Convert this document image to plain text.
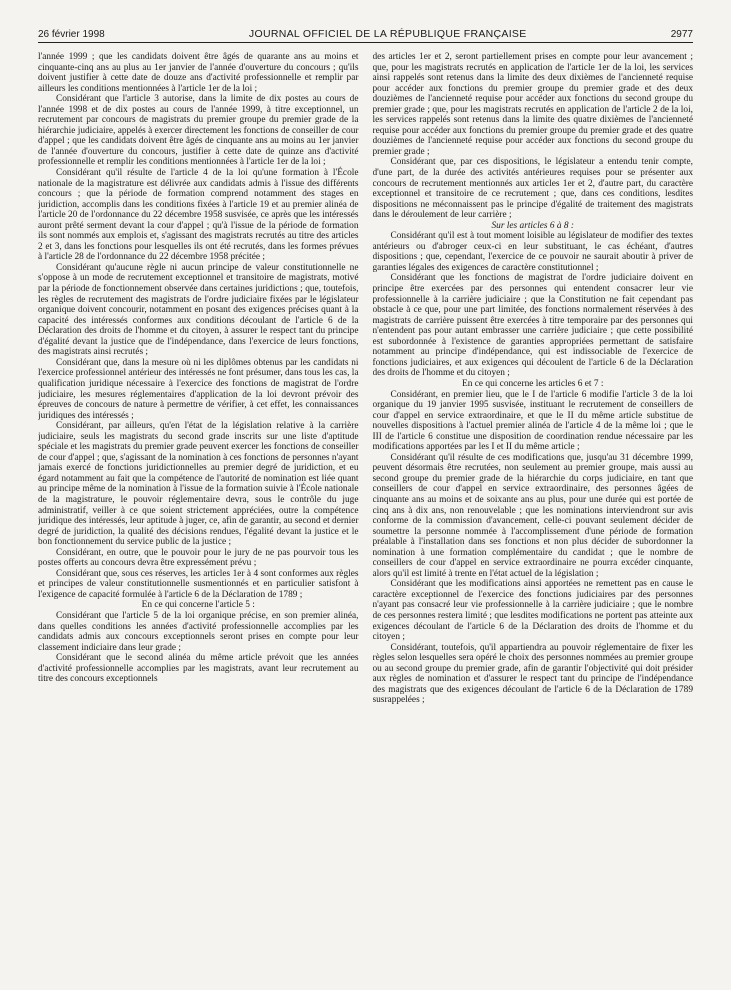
26 février 1998	JOURNAL OFFICIEL DE LA RÉPUBLIQUE FRANÇAISE	2977

l'année 1999 ; que les candidats doivent être âgés de quarante ans au moins et cinquante-cinq ans au plus au 1er janvier de l'année d'ouverture du concours ; qu'ils doivent justifier à cette date de douze ans d'activité professionnelle et remplir par ailleurs les conditions mentionnées à l'article 1er de la loi ;

Considérant que l'article 3 autorise, dans la limite de dix postes au cours de l'année 1998 et de dix postes au cours de l'année 1999, à titre exceptionnel, un recrutement par concours de magistrats du premier groupe du premier grade de la hiérarchie judiciaire, appelés à exercer directement les fonctions de conseiller de cour d'appel ; que les candidats doivent être âgés de cinquante ans au moins au 1er janvier de l'année d'ouverture du concours, justifier à cette date de quinze ans d'activité professionnelle et remplir les conditions mentionnées à l'article 1er de la loi ;

Considérant qu'il résulte de l'article 4 de la loi qu'une formation à l'École nationale de la magistrature est délivrée aux candidats admis à l'issue des différents concours ; que la période de formation comprend notamment des stages en juridiction, accomplis dans les conditions fixées à l'article 19 et au premier alinéa de l'article 20 de l'ordonnance du 22 décembre 1958 susvisée, ce après que les intéressés auront prêté serment devant la cour d'appel ; qu'à l'issue de la période de formation ils sont nommés aux emplois et, s'agissant des magistrats recrutés au titre des articles 2 et 3, dans les fonctions pour lesquelles ils ont été recrutés, dans les formes prévues à l'article 28 de l'ordonnance du 22 décembre 1958 précitée ;

Considérant qu'aucune règle ni aucun principe de valeur constitutionnelle ne s'oppose à un mode de recrutement exceptionnel et transitoire de magistrats, motivé par la période de fonctionnement observée dans certaines juridictions ; que, toutefois, les règles de recrutement des magistrats de l'ordre judiciaire fixées par le législateur organique doivent concourir, notamment en posant des exigences précises quant à la capacité des intéressés conformes aux conditions découlant de l'article 6 de la Déclaration des droits de l'homme et du citoyen, à assurer le respect tant du principe d'égalité devant la justice que de l'indépendance, dans l'exercice de leurs fonctions, des magistrats ainsi recrutés ;

Considérant que, dans la mesure où ni les diplômes obtenus par les candidats ni l'exercice professionnel antérieur des intéressés ne font présumer, dans tous les cas, la qualification juridique nécessaire à l'exercice des fonctions de magistrat de l'ordre judiciaire, les mesures réglementaires d'application de la loi devront prévoir des épreuves de concours de nature à permettre de vérifier, à cet effet, les connaissances juridiques des intéressés ;

Considérant, par ailleurs, qu'en l'état de la législation relative à la carrière judiciaire, seuls les magistrats du second grade inscrits sur une liste d'aptitude spéciale et les magistrats du premier grade peuvent exercer les fonctions de conseiller de cour d'appel ; que, s'agissant de la nomination à ces fonctions de personnes n'ayant jamais exercé de fonctions juridictionnelles au premier degré de juridiction, et eu égard notamment au fait que la compétence de l'autorité de nomination est liée quant au principe même de la nomination à l'issue de la formation suivie à l'École nationale de la magistrature, le pouvoir réglementaire devra, sous le contrôle du juge administratif, veiller à ce que soient strictement appréciées, outre la compétence juridique des intéressés, leur aptitude à juger, ce, afin de garantir, au second et dernier degré de juridiction, la qualité des décisions rendues, l'égalité devant la justice et le bon fonctionnement du service public de la justice ;

Considérant, en outre, que le pouvoir pour le jury de ne pas pourvoir tous les postes offerts au concours devra être expressément prévu ;

Considérant que, sous ces réserves, les articles 1er à 4 sont conformes aux règles et principes de valeur constitutionnelle susmentionnés et en particulier satisfont à l'exigence de capacité formulée à l'article 6 de la Déclaration de 1789 ;

En ce qui concerne l'article 5 :

Considérant que l'article 5 de la loi organique précise, en son premier alinéa, dans quelles conditions les années d'activité professionnelle accomplies par les candidats admis aux concours exceptionnels seront prises en compte pour leur classement indiciaire dans leur grade ;

Considérant que le second alinéa du même article prévoit que les années d'activité professionnelle accomplies par les magistrats, avant leur recrutement au titre des concours exceptionnels

des articles 1er et 2, seront partiellement prises en compte pour leur avancement ; que, pour les magistrats recrutés en application de l'article 1er de la loi, les services ainsi rappelés sont retenus dans la limite des deux dixièmes de l'ancienneté requise pour accéder aux fonctions du premier groupe du premier grade et des deux douzièmes de l'ancienneté requise pour accéder aux fonctions du second groupe du premier grade ; que, pour les magistrats recrutés en application de l'article 2 de la loi, les services rappelés sont retenus dans la limite des quatre dixièmes de l'ancienneté requise pour accéder aux fonctions du premier groupe du premier grade et des quatre douzièmes de l'ancienneté requise pour accéder aux fonctions du second groupe du premier grade ;

Considérant que, par ces dispositions, le législateur a entendu tenir compte, d'une part, de la durée des activités antérieures requises pour se présenter aux concours de recrutement mentionnés aux articles 1er et 2, d'autre part, du caractère exceptionnel et transitoire de ce recrutement ; que, dans ces conditions, lesdites dispositions ne méconnaissent pas le principe d'égalité de traitement des magistrats dans le déroulement de leur carrière ;

Sur les articles 6 à 8 :

Considérant qu'il est à tout moment loisible au législateur de modifier des textes antérieurs ou d'abroger ceux-ci en leur substituant, le cas échéant, d'autres dispositions ; que, cependant, l'exercice de ce pouvoir ne saurait aboutir à priver de garanties légales des exigences de caractère constitutionnel ;

Considérant que les fonctions de magistrat de l'ordre judiciaire doivent en principe être exercées par des personnes qui entendent consacrer leur vie professionnelle à la carrière judiciaire ; que la Constitution ne fait cependant pas obstacle à ce que, pour une part limitée, des fonctions normalement réservées à des magistrats de carrière puissent être exercées à titre temporaire par des personnes qui n'entendent pas pour autant embrasser une carrière judiciaire ; que cette possibilité est subordonnée à l'existence de garanties appropriées permettant de satisfaire notamment au principe d'indépendance, qui est indissociable de l'exercice de fonctions judiciaires, et aux exigences qui découlent de l'article 6 de la Déclaration des droits de l'homme et du citoyen ;

En ce qui concerne les articles 6 et 7 :

Considérant, en premier lieu, que le I de l'article 6 modifie l'article 3 de la loi organique du 19 janvier 1995 susvisée, instituant le recrutement de conseillers de cour d'appel en service extraordinaire, et que le II du même article substitue de nouvelles dispositions à l'actuel premier alinéa de l'article 4 de la même loi ; que le III de l'article 6 constitue une disposition de coordination rendue nécessaire par les modifications apportées par les I et II du même article ;

Considérant qu'il résulte de ces modifications que, jusqu'au 31 décembre 1999, peuvent désormais être recrutées, non seulement au premier groupe, mais aussi au second groupe du premier grade de la hiérarchie du corps judiciaire, en tant que conseillers de cour d'appel en service extraordinaire, des personnes âgées de cinquante ans au moins et de soixante ans au plus, pour une durée qui est portée de cinq ans à dix ans, non renouvelable ; que les nominations interviendront sur avis conforme de la commission d'avancement, celle-ci pouvant seulement décider de soumettre la personne nommée à l'accomplissement d'une période de formation préalable à l'installation dans ses fonctions et non plus décider de subordonner la nomination à une formation complémentaire du candidat ; que le nombre de conseillers de cour d'appel en service extraordinaire ne pourra excéder cinquante, alors qu'il est limité à trente en l'état actuel de la législation ;

Considérant que les modifications ainsi apportées ne remettent pas en cause le caractère exceptionnel de l'exercice des fonctions judiciaires par des personnes n'ayant pas consacré leur vie professionnelle à la carrière judiciaire ; que le nombre de ces personnes restera limité ; que lesdites modifications ne portent pas atteinte aux exigences découlant de l'article 6 de la Déclaration des droits de l'homme et du citoyen ;

Considérant, toutefois, qu'il appartiendra au pouvoir réglementaire de fixer les règles selon lesquelles sera opéré le choix des personnes nommées au premier groupe ou au second groupe du premier grade, afin de garantir l'objectivité qui doit présider aux règles de nomination et d'assurer le respect tant du principe de l'indépendance des magistrats que des exigences découlant de l'article 6 de la Déclaration de 1789 susrappelées ;
